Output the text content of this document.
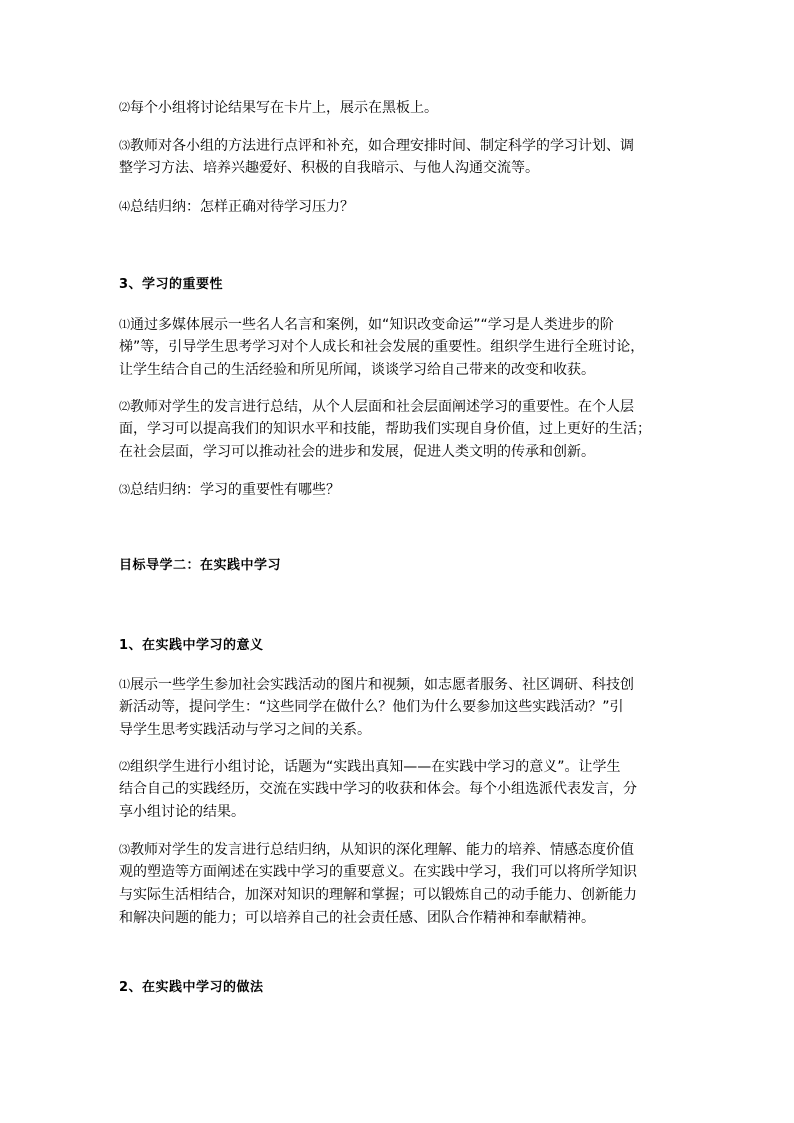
⑵每个小组将讨论结果写在卡片上，展示在黑板上。
⑶教师对各小组的方法进行点评和补充，如合理安排时间、制定科学的学习计划、调
整学习方法、培养兴趣爱好、积极的自我暗示、与他人沟通交流等。
⑷总结归纳：怎样正确对待学习压力？
3、学习的重要性
⑴通过多媒体展示一些名人名言和案例，如“知识改变命运”“学习是人类进步的阶
梯”等，引导学生思考学习对个人成长和社会发展的重要性。组织学生进行全班讨论，
让学生结合自己的生活经验和所见所闻，谈谈学习给自己带来的改变和收获。
⑵教师对学生的发言进行总结，从个人层面和社会层面阐述学习的重要性。在个人层
面，学习可以提高我们的知识水平和技能，帮助我们实现自身价值，过上更好的生活；
在社会层面，学习可以推动社会的进步和发展，促进人类文明的传承和创新。
⑶总结归纳：学习的重要性有哪些？
目标导学二：在实践中学习
1、在实践中学习的意义
⑴展示一些学生参加社会实践活动的图片和视频，如志愿者服务、社区调研、科技创
新活动等，提问学生：“这些同学在做什么？他们为什么要参加这些实践活动？”引
导学生思考实践活动与学习之间的关系。
⑵组织学生进行小组讨论，话题为“实践出真知——在实践中学习的意义”。让学生
结合自己的实践经历，交流在实践中学习的收获和体会。每个小组选派代表发言，分
享小组讨论的结果。
⑶教师对学生的发言进行总结归纳，从知识的深化理解、能力的培养、情感态度价值
观的塑造等方面阐述在实践中学习的重要意义。在实践中学习，我们可以将所学知识
与实际生活相结合，加深对知识的理解和掌握；可以锻炼自己的动手能力、创新能力
和解决问题的能力；可以培养自己的社会责任感、团队合作精神和奉献精神。
2、在实践中学习的做法
